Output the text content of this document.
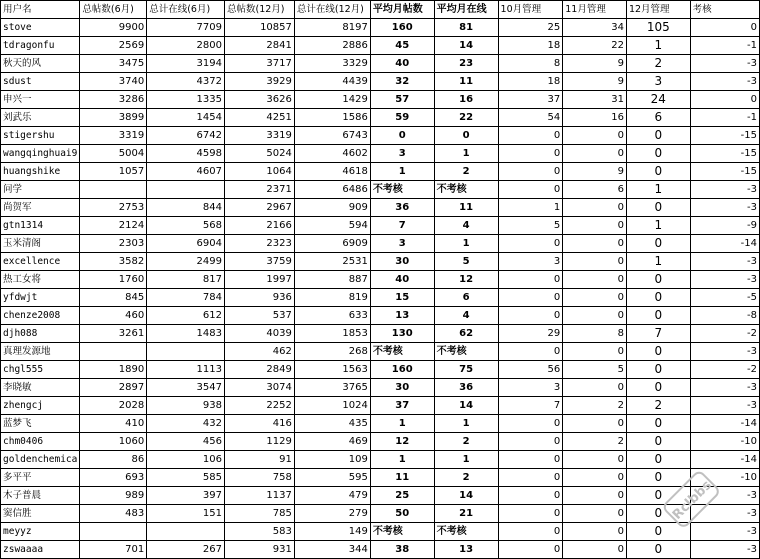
用户名	总帖数(6月)	总计在线(6月)	总帖数(12月)	总计在线(12月)	平均月帖数	平均月在线	10月管理	11月管理	12月管理	考核
stove	9900	7709	10857	8197	160	81	25	34	105	0
tdragonfu	2569	2800	2841	2886	45	14	18	22	1	-1
秋天的风	3475	3194	3717	3329	40	23	8	9	2	-3
sdust	3740	4372	3929	4439	32	11	18	9	3	-3
申兴一	3286	1335	3626	1429	57	16	37	31	24	0
刘武乐	3899	1454	4251	1586	59	22	54	16	6	-1
stigershu	3319	6742	3319	6743	0	0	0	0	0	-15
wangqinghuai9	5004	4598	5024	4602	3	1	0	0	0	-15
huangshike	1057	4607	1064	4618	1	2	0	9	0	-15
问学			2371	6486	不考核	不考核	0	6	1	-3
尚贺军	2753	844	2967	909	36	11	1	0	0	-3
gtn1314	2124	568	2166	594	7	4	5	0	1	-9
玉米清阁	2303	6904	2323	6909	3	1	0	0	0	-14
excellence	3582	2499	3759	2531	30	5	3	0	1	-3
热工女将	1760	817	1997	887	40	12	0	0	0	-3
yfdwjt	845	784	936	819	15	6	0	0	0	-5
chenze2008	460	612	537	633	13	4	0	0	0	-8
djh088	3261	1483	4039	1853	130	62	29	8	7	-2
真理发源地			462	268	不考核	不考核	0	0	0	-3
chgl555	1890	1113	2849	1563	160	75	56	5	0	-2
李晓敏	2897	3547	3074	3765	30	36	3	0	0	-3
zhengcj	2028	938	2252	1024	37	14	7	2	2	-3
蓝梦飞	410	432	416	435	1	1	0	0	0	-14
chm0406	1060	456	1129	469	12	2	0	2	0	-10
goldenchemica	86	106	91	109	1	1	0	0	0	-14
多平平	693	585	758	595	11	2	0	0	0	-10
木子普晨	989	397	1137	479	25	14	0	0	0	-3
窦信胜	483	151	785	279	50	21	0	0	0	-3
meyyz			583	149	不考核	不考核	0	0	0	-3
zswaaaa	701	267	931	344	38	13	0	0	0	-3
Rclbbs
